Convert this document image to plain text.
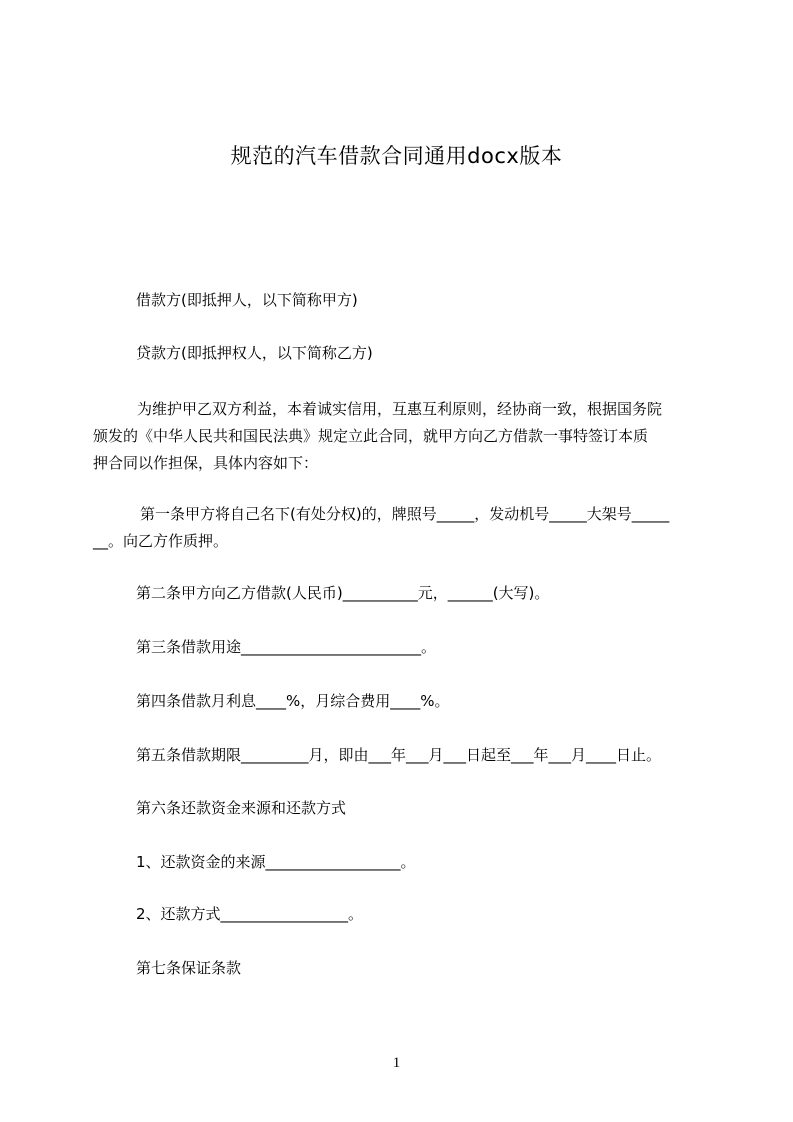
规范的汽车借款合同通用docx版本
借款方(即抵押人，以下简称甲方)
贷款方(即抵押权人，以下简称乙方)
为维护甲乙双方利益，本着诚实信用，互惠互利原则，经协商一致，根据国务院
颁发的《中华人民共和国民法典》规定立此合同，就甲方向乙方借款一事特签订本质
押合同以作担保，具体内容如下：
第一条甲方将自己名下(有处分权)的，牌照号_____，发动机号_____大架号_____
__。向乙方作质押。
第二条甲方向乙方借款(人民币)__________元，______(大写)。
第三条借款用途________________________。
第四条借款月利息____%，月综合费用____%。
第五条借款期限_________月，即由___年___月___日起至___年___月____日止。
第六条还款资金来源和还款方式
1、还款资金的来源__________________。
2、还款方式_________________。
第七条保证条款
1
